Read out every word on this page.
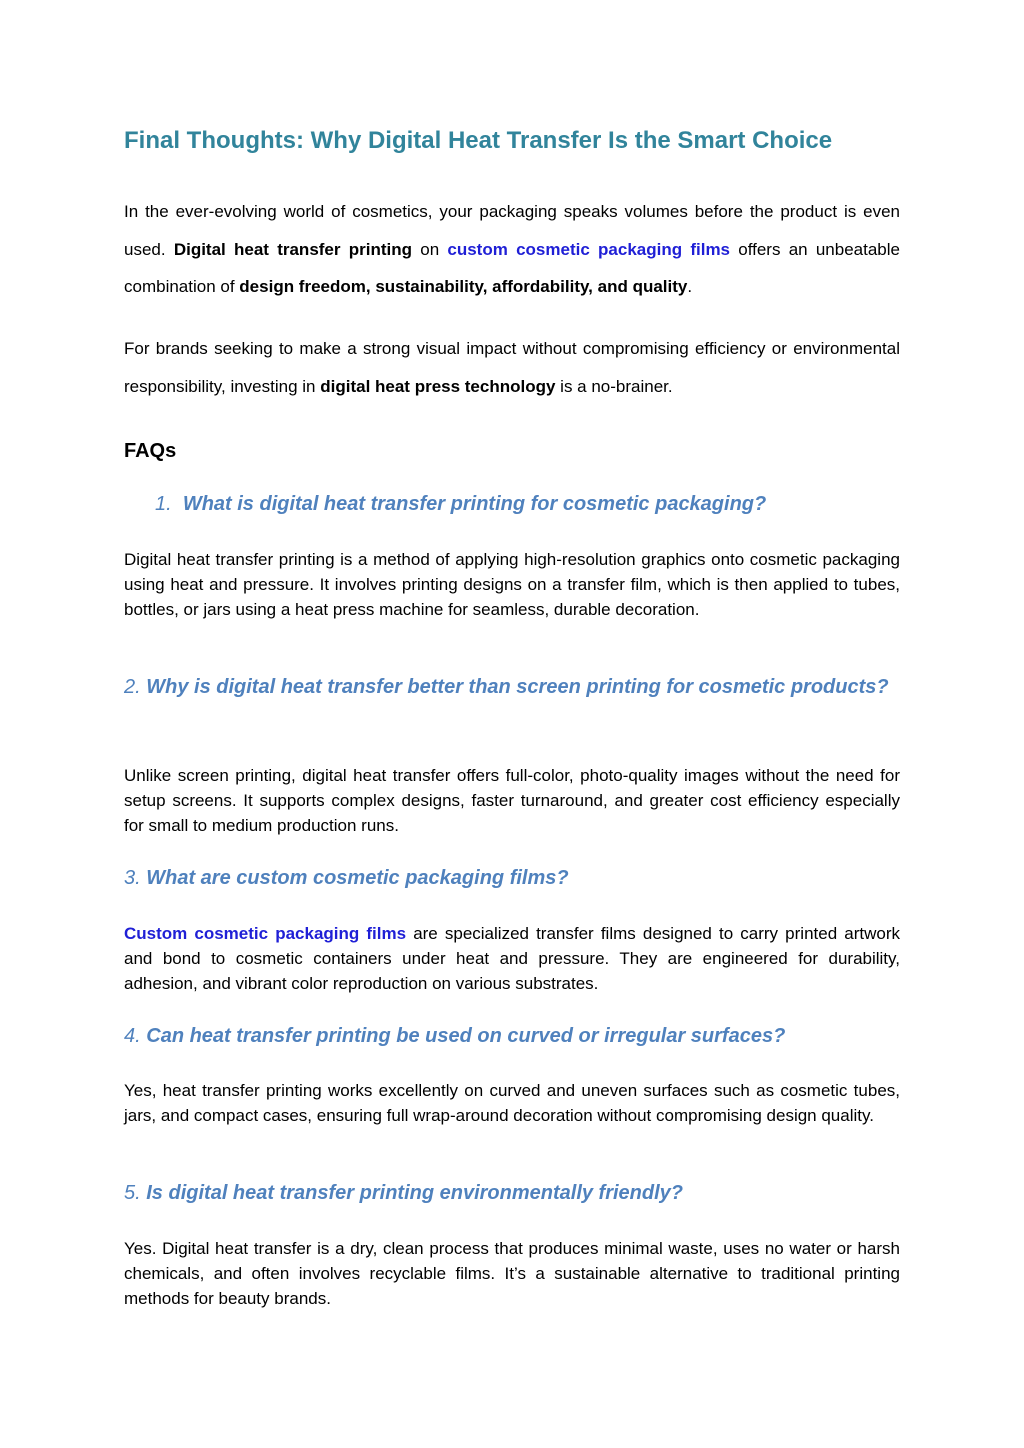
Final Thoughts: Why Digital Heat Transfer Is the Smart Choice

In the ever-evolving world of cosmetics, your packaging speaks volumes before the product is even used. Digital heat transfer printing on custom cosmetic packaging films offers an unbeatable combination of design freedom, sustainability, affordability, and quality.

For brands seeking to make a strong visual impact without compromising efficiency or environmental responsibility, investing in digital heat press technology is a no-brainer.

FAQs
1. What is digital heat transfer printing for cosmetic packaging?

Digital heat transfer printing is a method of applying high-resolution graphics onto cosmetic packaging using heat and pressure. It involves printing designs on a transfer film, which is then applied to tubes, bottles, or jars using a heat press machine for seamless, durable decoration.

2. Why is digital heat transfer better than screen printing for cosmetic products?

Unlike screen printing, digital heat transfer offers full-color, photo-quality images without the need for setup screens. It supports complex designs, faster turnaround, and greater cost efficiency especially for small to medium production runs.

3. What are custom cosmetic packaging films?

Custom cosmetic packaging films are specialized transfer films designed to carry printed artwork and bond to cosmetic containers under heat and pressure. They are engineered for durability, adhesion, and vibrant color reproduction on various substrates.

4. Can heat transfer printing be used on curved or irregular surfaces?

Yes, heat transfer printing works excellently on curved and uneven surfaces such as cosmetic tubes, jars, and compact cases, ensuring full wrap-around decoration without compromising design quality.

5. Is digital heat transfer printing environmentally friendly?

Yes. Digital heat transfer is a dry, clean process that produces minimal waste, uses no water or harsh chemicals, and often involves recyclable films. It’s a sustainable alternative to traditional printing methods for beauty brands.
